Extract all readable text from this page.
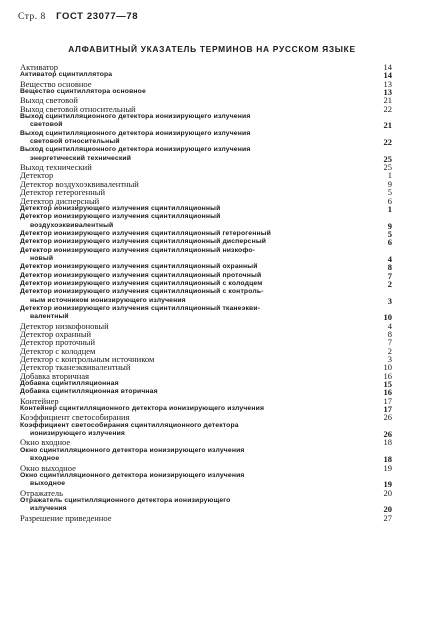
Стр. 8 ГОСТ 23077—78
АЛФАВИТНЫЙ УКАЗАТЕЛЬ ТЕРМИНОВ НА РУССКОМ ЯЗЫКЕ
Активатор	14
Активатор сцинтиллятора	14
Вещество основное	13
Вещество сцинтиллятора основное	13
Выход световой	21
Выход световой относительный	22
Выход сцинтилляционного детектора ионизирующего излучения
световой	21
Выход сцинтилляционного детектора ионизирующего излучения
световой относительный	22
Выход сцинтилляционного детектора ионизирующего излучения
энергетический технический	25
Выход технический	25
Детектор	1
Детектор воздухоэквивалентный	9
Детектор гетерогенный	5
Детектор дисперсный	6
Детектор ионизирующего излучения сцинтилляционный	1
Детектор ионизирующего излучения сцинтилляционный
воздухоэквивалентный	9
Детектор ионизирующего излучения сцинтилляционный гетерогенный	5
Детектор ионизирующего излучения сцинтилляционный дисперсный	6
Детектор ионизирующего излучения сцинтилляционный низкофо-
новый	4
Детектор ионизирующего излучения сцинтилляционный охранный	8
Детектор ионизирующего излучения сцинтилляционный проточный	7
Детектор ионизирующего излучения сцинтилляционный с колодцем	2
Детектор ионизирующего излучения сцинтилляционный с контроль-
ным источником ионизирующего излучения	3
Детектор ионизирующего излучения сцинтилляционный тканеэкви-
валентный	10
Детектор низкофоновый	4
Детектор охранный	8
Детектор проточный	7
Детектор с колодцем	2
Детектор с контрольным источником	3
Детектор тканеэквивалентный	10
Добавка вторичная	16
Добавка сцинтилляционная	15
Добавка сцинтилляционная вторичная	16
Контейнер	17
Контейнер сцинтилляционного детектора ионизирующего излучения	17
Коэффициент светособирания	26
Коэффициент светособирания сцинтилляционного детектора
ионизирующего излучения	26
Окно входное	18
Окно сцинтилляционного детектора ионизирующего излучения
входное	18
Окно выходное	19
Окно сцинтилляционного детектора ионизирующего излучения
выходное	19
Отражатель	20
Отражатель сцинтилляционного детектора ионизирующего
излучения	20
Разрешение приведенное	27
